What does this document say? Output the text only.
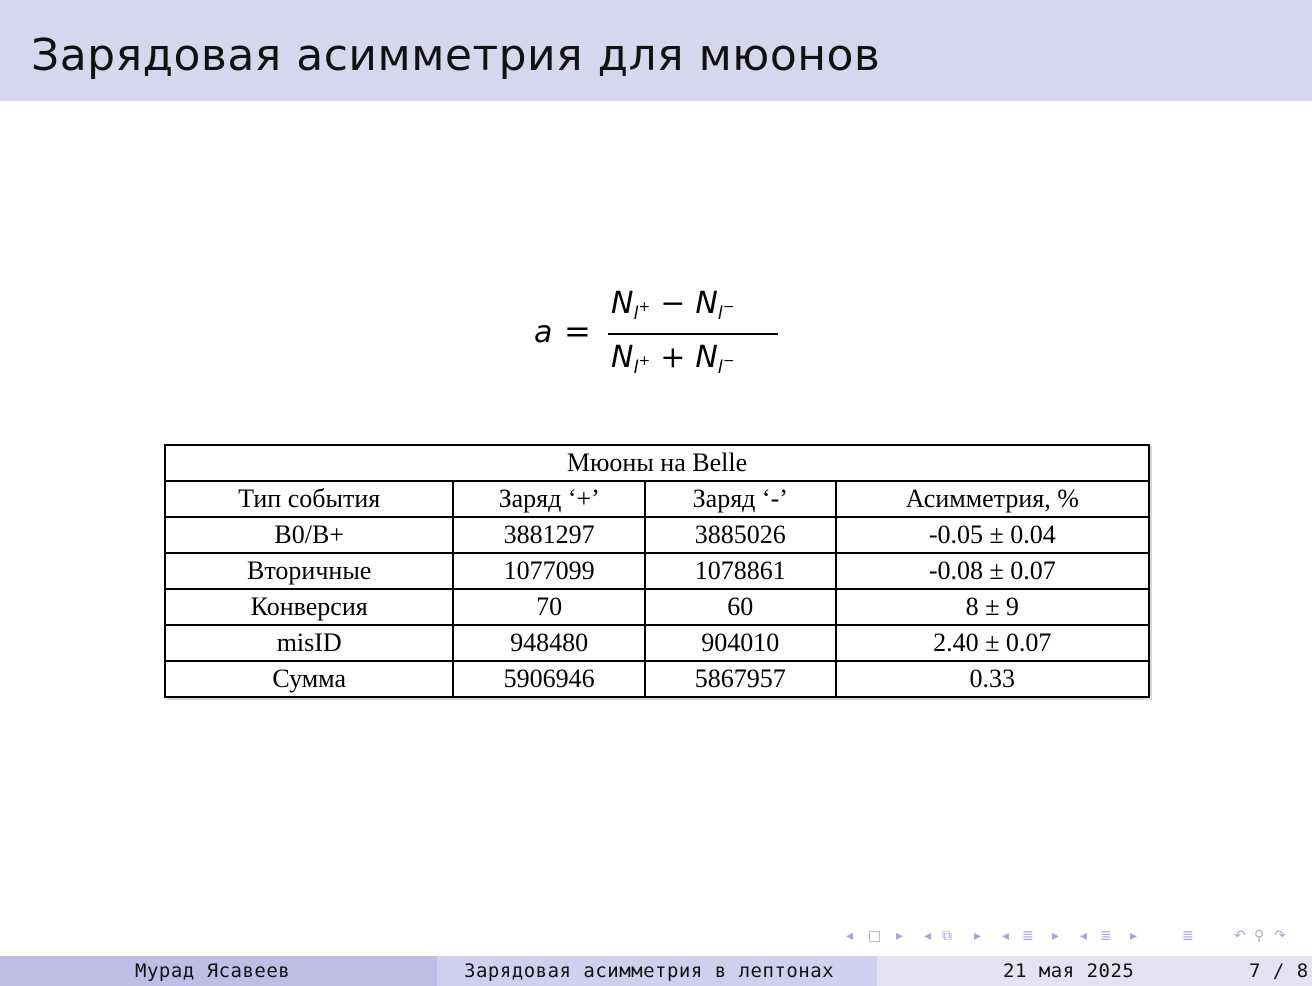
Зарядовая асимметрия для мюонов
a =
$N_l+ - N_l-$
$N_l+ + N_l-$
Мюоны на Belle			
Тип события	Заряд ‘+’	Заряд ‘-’	Асимметрия, %
B0/B+	3881297	3885026	-0.05 ± 0.04
Вторичные	1077099	1078861	-0.08 ± 0.07
Конверсия	70	60	8 ± 9
misID	948480	904010	2.40 ± 0.07
Сумма	5906946	5867957	0.33
◂ □ ▸ ◂ ⧉ ▸ ◂ ≣ ▸ ◂ ≣ ▸	≣	↶ ⚲ ↷
Мурад Ясавеев	Зарядовая асимметрия в лептонах	21 мая 2025	7 / 8
